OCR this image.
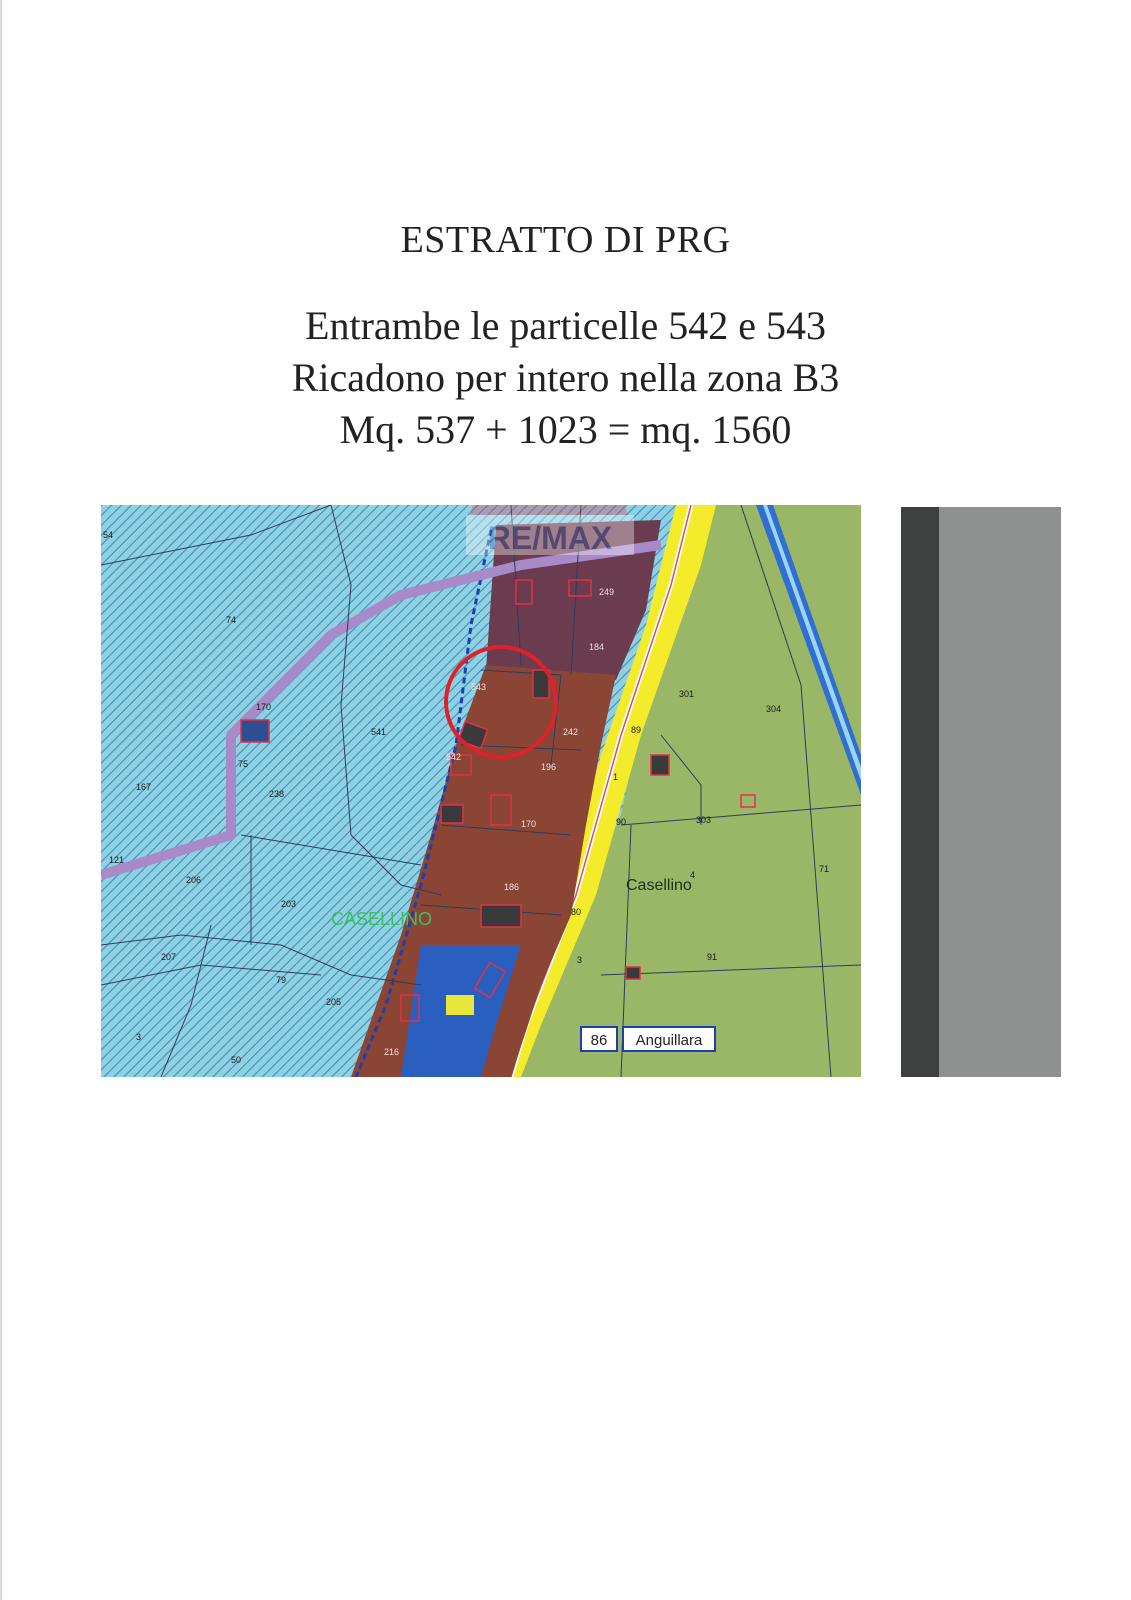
ESTRATTO DI PRG

Entrambe le particelle 542 e 543

Ricadono per intero nella zona B3

Mq. 537 + 1023 = mq. 1560

RE/MAX
Casellino
CASELLINO
86 Anguillara
54
74
170
541
167
75
238
121
206
203
207
79
205
50
3
249
184
242
543
542
196
170
186
216
301
304
89
90	303
71
80
91
4
1
3
